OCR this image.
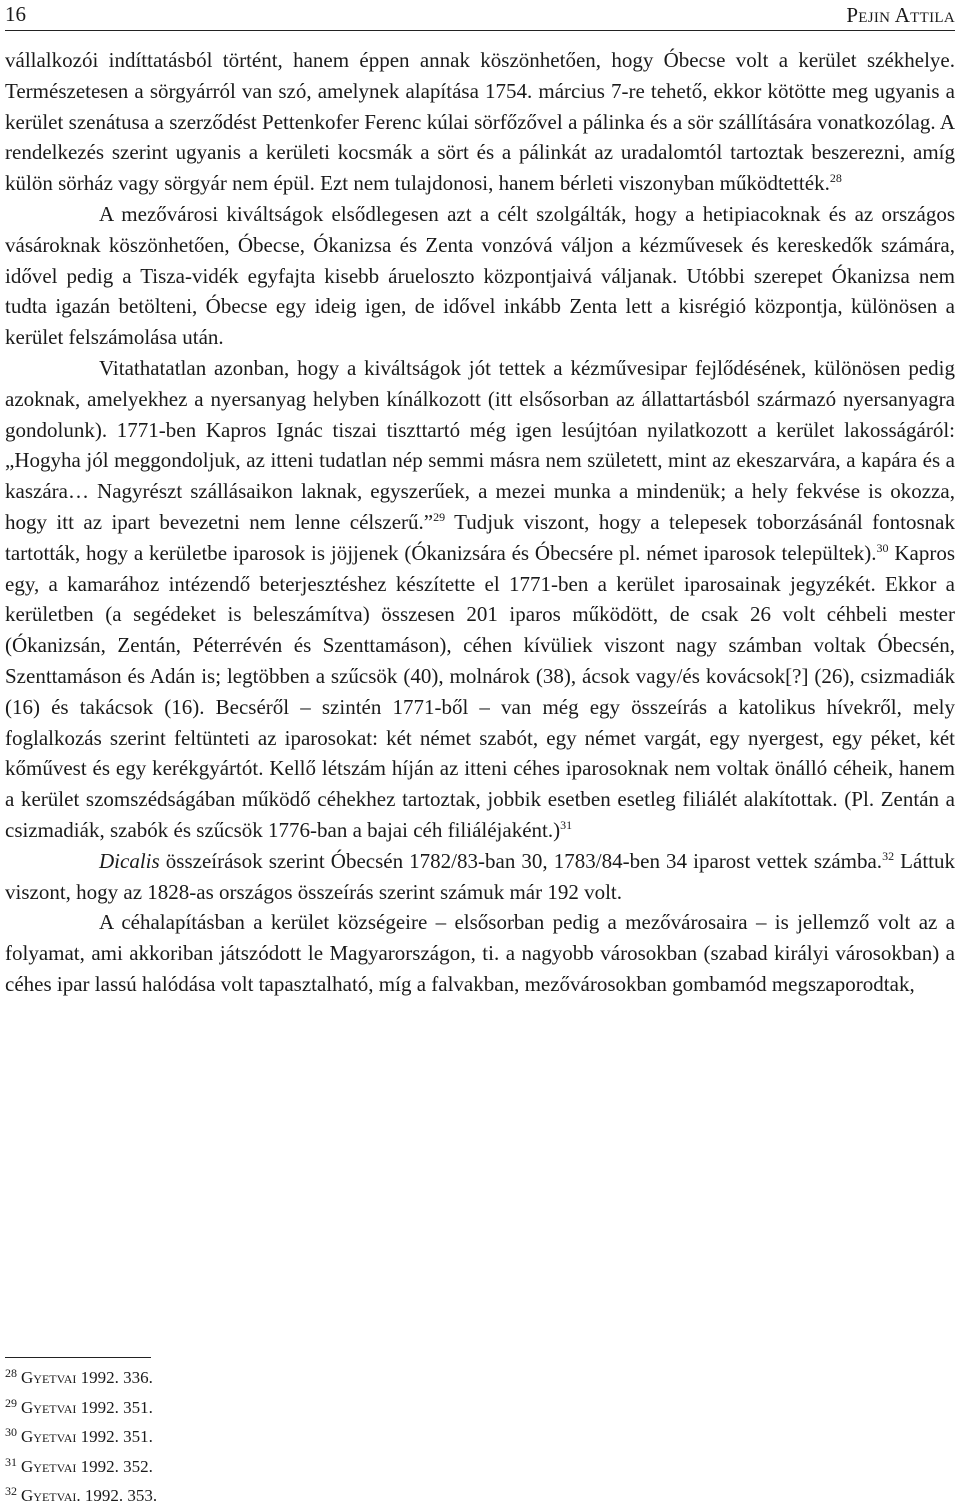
16	Pejin Attila

vállalkozói indíttatásból történt, hanem éppen annak köszönhetően, hogy Óbecse volt a kerület székhelye. Természetesen a sörgyárról van szó, amelynek alapítása 1754. március 7-re tehető, ekkor kötötte meg ugyanis a kerület szenátusa a szerződést Pettenkofer Ferenc kúlai sörfőzővel a pálinka és a sör szállítására vonatkozólag. A rendelkezés szerint ugyanis a kerületi kocsmák a sört és a pálinkát az uradalomtól tartoztak beszerezni, amíg külön sörház vagy sörgyár nem épül. Ezt nem tulajdonosi, hanem bérleti viszonyban működtették.$^{28}$

A mezővárosi kiváltságok elsődlegesen azt a célt szolgálták, hogy a hetipiacoknak és az országos vásároknak köszönhetően, Óbecse, Ókanizsa és Zenta vonzóvá váljon a kézművesek és kereskedők számára, idővel pedig a Tisza-vidék egyfajta kisebb árueloszto központjaivá váljanak. Utóbbi szerepet Ókanizsa nem tudta igazán betölteni, Óbecse egy ideig igen, de idővel inkább Zenta lett a kisrégió központja, különösen a kerület felszámolása után.

Vitathatatlan azonban, hogy a kiváltságok jót tettek a kézművesipar fejlődésének, különösen pedig azoknak, amelyekhez a nyersanyag helyben kínálkozott (itt elsősorban az állattartásból származó nyersanyagra gondolunk). 1771-ben Kapros Ignác tiszai tiszttartó még igen lesújtóan nyilatkozott a kerület lakosságáról: „Hogyha jól meggondoljuk, az itteni tudatlan nép semmi másra nem született, mint az ekeszarvára, a kapára és a kaszára… Nagyrészt szállásaikon laknak, egyszerűek, a mezei munka a mindenük; a hely fekvése is okozza, hogy itt az ipart bevezetni nem lenne célszerű.”$^{29}$ Tudjuk viszont, hogy a telepesek toborzásánál fontosnak tartották, hogy a kerületbe iparosok is jöjjenek (Ókanizsára és Óbecsére pl. német iparosok települtek).$^{30}$ Kapros egy, a kamarához intézendő beterjesztéshez készítette el 1771-ben a kerület iparosainak jegyzékét. Ekkor a kerületben (a segédeket is beleszámítva) összesen 201 iparos működött, de csak 26 volt céhbeli mester (Ókanizsán, Zentán, Péterrévén és Szenttamáson), céhen kívüliek viszont nagy számban voltak Óbecsén, Szenttamáson és Adán is; legtöbben a szűcsök (40), molnárok (38), ácsok vagy/és kovácsok[?] (26), csizmadiák (16) és takácsok (16). Becséről – szintén 1771-ből – van még egy összeírás a katolikus hívekről, mely foglalkozás szerint feltünteti az iparosokat: két német szabót, egy német vargát, egy nyergest, egy péket, két kőművest és egy kerékgyártót. Kellő létszám híján az itteni céhes iparosoknak nem voltak önálló céheik, hanem a kerület szomszédságában működő céhekhez tartoztak, jobbik esetben esetleg filiálét alakítottak. (Pl. Zentán a csizmadiák, szabók és szűcsök 1776-ban a bajai céh filiáléjaként.)$^{31}$

Dicalis összeírások szerint Óbecsén 1782/83-ban 30, 1783/84-ben 34 iparost vettek számba.$^{32}$ Láttuk viszont, hogy az 1828-as országos összeírás szerint számuk már 192 volt.

A céhalapításban a kerület községeire – elsősorban pedig a mezővárosaira – is jellemző volt az a folyamat, ami akkoriban játszódott le Magyarországon, ti. a nagyobb városokban (szabad királyi városokban) a céhes ipar lassú halódása volt tapasztalható, míg a falvakban, mezővárosokban gombamód megszaporodtak,

$^{28}$ Gyetvai 1992. 336.
$^{29}$ Gyetvai 1992. 351.
$^{30}$ Gyetvai 1992. 351.
$^{31}$ Gyetvai 1992. 352.
$^{32}$ Gyetvai. 1992. 353.
